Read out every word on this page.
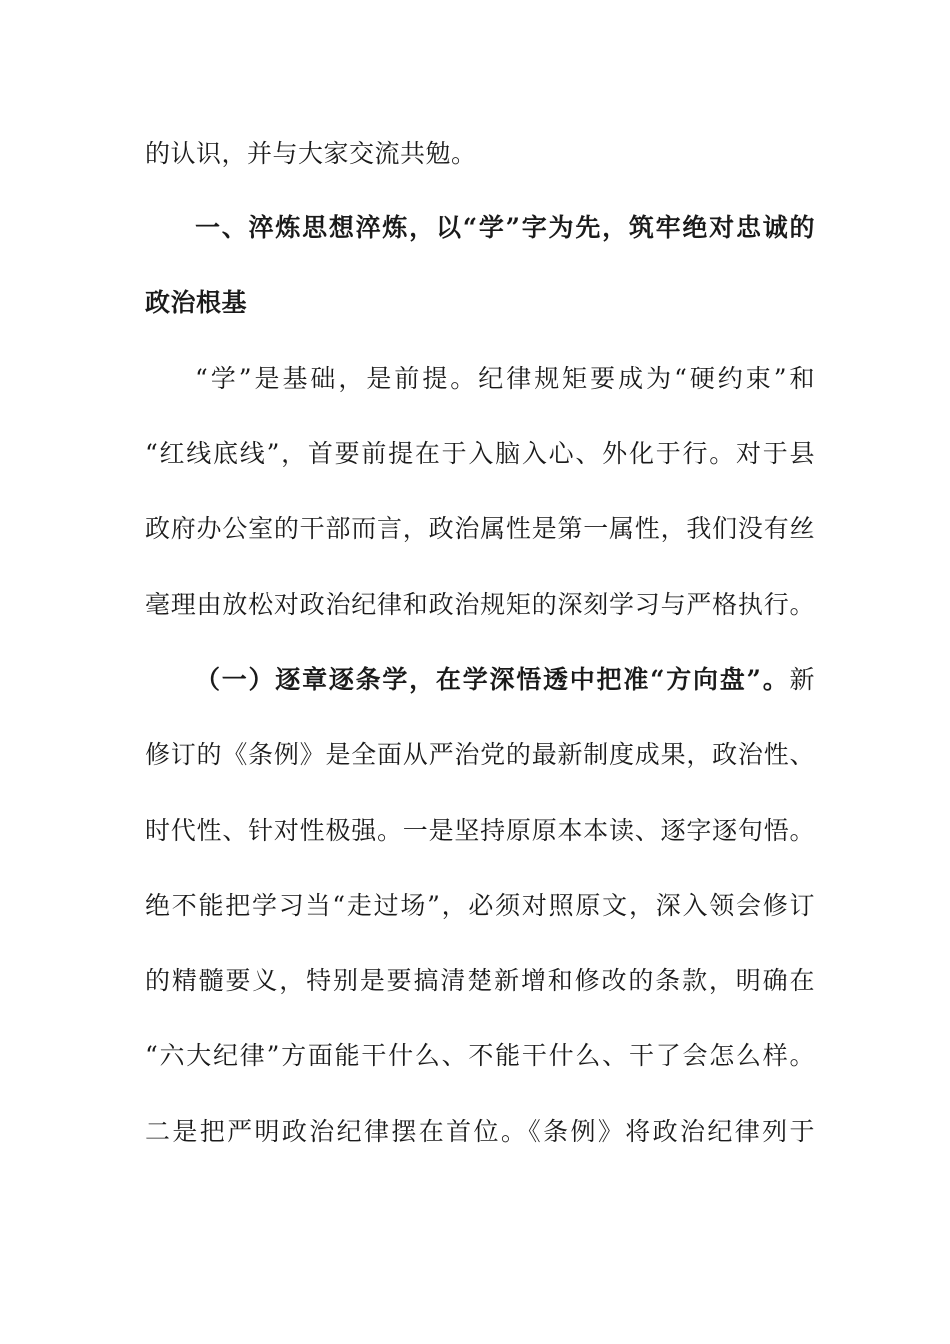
的认识，并与大家交流共勉。
一、淬炼思想淬炼，以“学”字为先，筑牢绝对忠诚的
政治根基
“学”是基础，是前提。纪律规矩要成为“硬约束”和
“红线底线”，首要前提在于入脑入心、外化于行。对于县
政府办公室的干部而言，政治属性是第一属性，我们没有丝
毫理由放松对政治纪律和政治规矩的深刻学习与严格执行。
（一）逐章逐条学，在学深悟透中把准“方向盘”。新
修订的《条例》是全面从严治党的最新制度成果，政治性、
时代性、针对性极强。一是坚持原原本本读、逐字逐句悟。
绝不能把学习当“走过场”，必须对照原文，深入领会修订
的精髓要义，特别是要搞清楚新增和修改的条款，明确在
“六大纪律”方面能干什么、不能干什么、干了会怎么样。
二是把严明政治纪律摆在首位。《条例》将政治纪律列于
